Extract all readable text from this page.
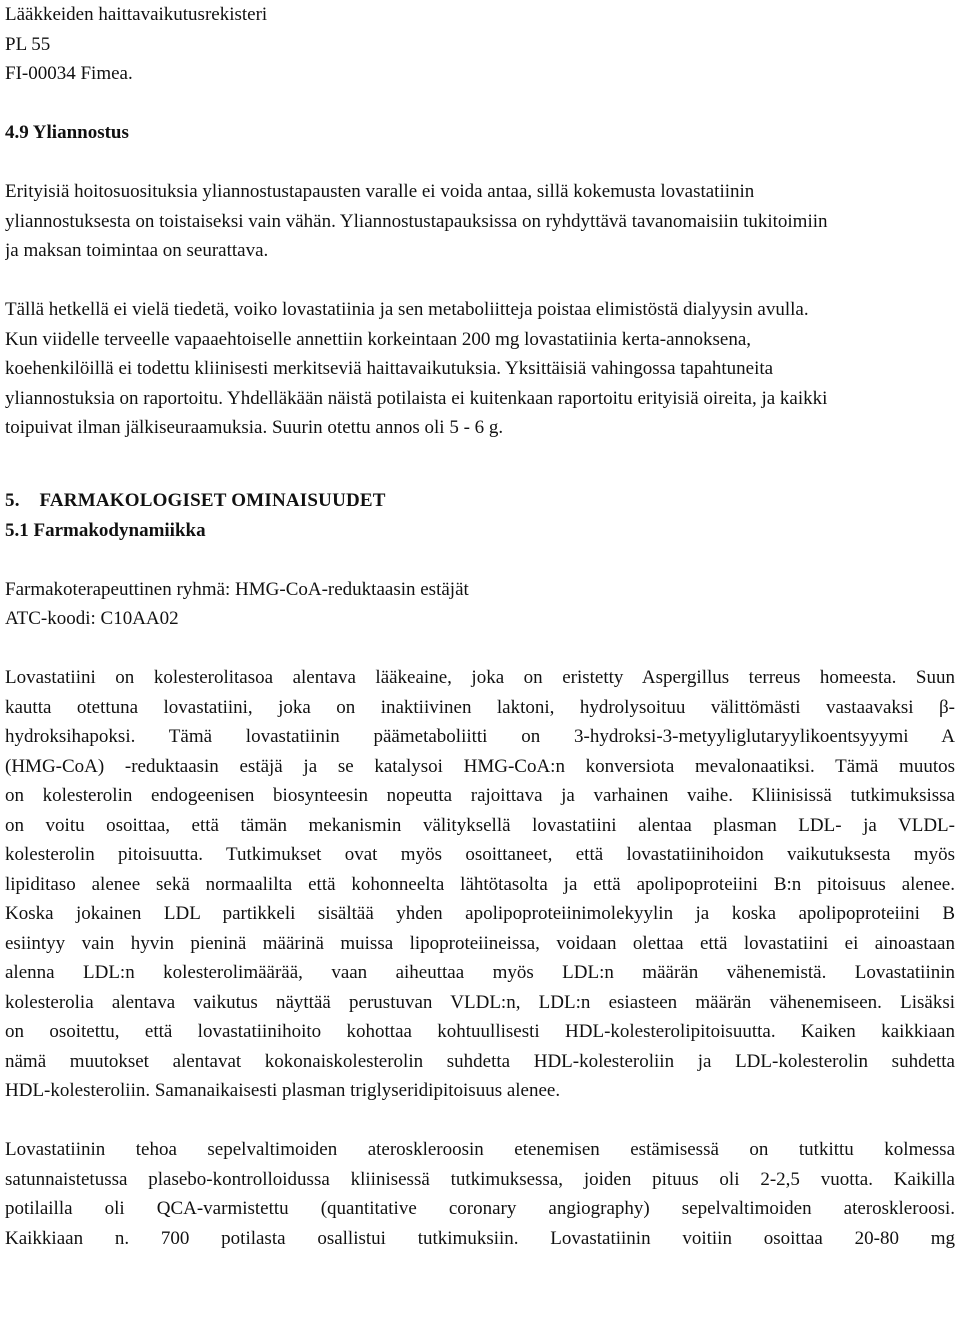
Lääkkeiden haittavaikutusrekisteri
PL 55
FI-00034 Fimea.
4.9 Yliannostus
Erityisiä hoitosuosituksia yliannostustapausten varalle ei voida antaa, sillä kokemusta lovastatiinin
yliannostuksesta on toistaiseksi vain vähän. Yliannostustapauksissa on ryhdyttävä tavanomaisiin tukitoimiin
ja maksan toimintaa on seurattava.
Tällä hetkellä ei vielä tiedetä, voiko lovastatiinia ja sen metaboliitteja poistaa elimistöstä dialyysin avulla.
Kun viidelle terveelle vapaaehtoiselle annettiin korkeintaan 200 mg lovastatiinia kerta-annoksena,
koehenkilöillä ei todettu kliinisesti merkitseviä haittavaikutuksia. Yksittäisiä vahingossa tapahtuneita
yliannostuksia on raportoitu. Yhdelläkään näistä potilaista ei kuitenkaan raportoitu erityisiä oireita, ja kaikki
toipuivat ilman jälkiseuraamuksia. Suurin otettu annos oli 5 - 6 g.
5.    FARMAKOLOGISET OMINAISUUDET
5.1 Farmakodynamiikka
Farmakoterapeuttinen ryhmä: HMG-CoA-reduktaasin estäjät
ATC-koodi: C10AA02
Lovastatiini on kolesterolitasoa alentava lääkeaine, joka on eristetty Aspergillus terreus homeesta. Suun
kautta otettuna lovastatiini, joka on inaktiivinen laktoni, hydrolysoituu välittömästi vastaavaksi β-
hydroksihapoksi. Tämä lovastatiinin päämetaboliitti on 3-hydroksi-3-metyyliglutaryylikoentsyyymi A
(HMG-CoA) -reduktaasin estäjä ja se katalysoi HMG-CoA:n konversiota mevalonaatiksi. Tämä muutos
on kolesterolin endogeenisen biosynteesin nopeutta rajoittava ja varhainen vaihe. Kliinisissä tutkimuksissa
on voitu osoittaa, että tämän mekanismin välityksellä lovastatiini alentaa plasman LDL- ja VLDL-
kolesterolin pitoisuutta. Tutkimukset ovat myös osoittaneet, että lovastatiinihoidon vaikutuksesta myös
lipiditaso alenee sekä normaalilta että kohonneelta lähtötasolta ja että apolipoproteiini B:n pitoisuus alenee.
Koska jokainen LDL partikkeli sisältää yhden apolipoproteiinimolekyylin ja koska apolipoproteiini B
esiintyy vain hyvin pieninä määrinä muissa lipoproteiineissa, voidaan olettaa että lovastatiini ei ainoastaan
alenna LDL:n kolesterolimäärää, vaan aiheuttaa myös LDL:n määrän vähenemistä. Lovastatiinin
kolesterolia alentava vaikutus näyttää perustuvan VLDL:n, LDL:n esiasteen määrän vähenemiseen. Lisäksi
on osoitettu, että lovastatiinihoito kohottaa kohtuullisesti HDL-kolesterolipitoisuutta. Kaiken kaikkiaan
nämä muutokset alentavat kokonaiskolesterolin suhdetta HDL-kolesteroliin ja LDL-kolesterolin suhdetta
HDL-kolesteroliin. Samanaikaisesti plasman triglyseridipitoisuus alenee.
Lovastatiinin tehoa sepelvaltimoiden ateroskleroosin etenemisen estämisessä on tutkittu kolmessa
satunnaistetussa plasebo-kontrolloidussa kliinisessä tutkimuksessa, joiden pituus oli 2-2,5 vuotta. Kaikilla
potilailla oli QCA-varmistettu (quantitative coronary angiography) sepelvaltimoiden ateroskleroosi.
Kaikkiaan n. 700 potilasta osallistui tutkimuksiin. Lovastatiinin voitiin osoittaa 20-80 mg
